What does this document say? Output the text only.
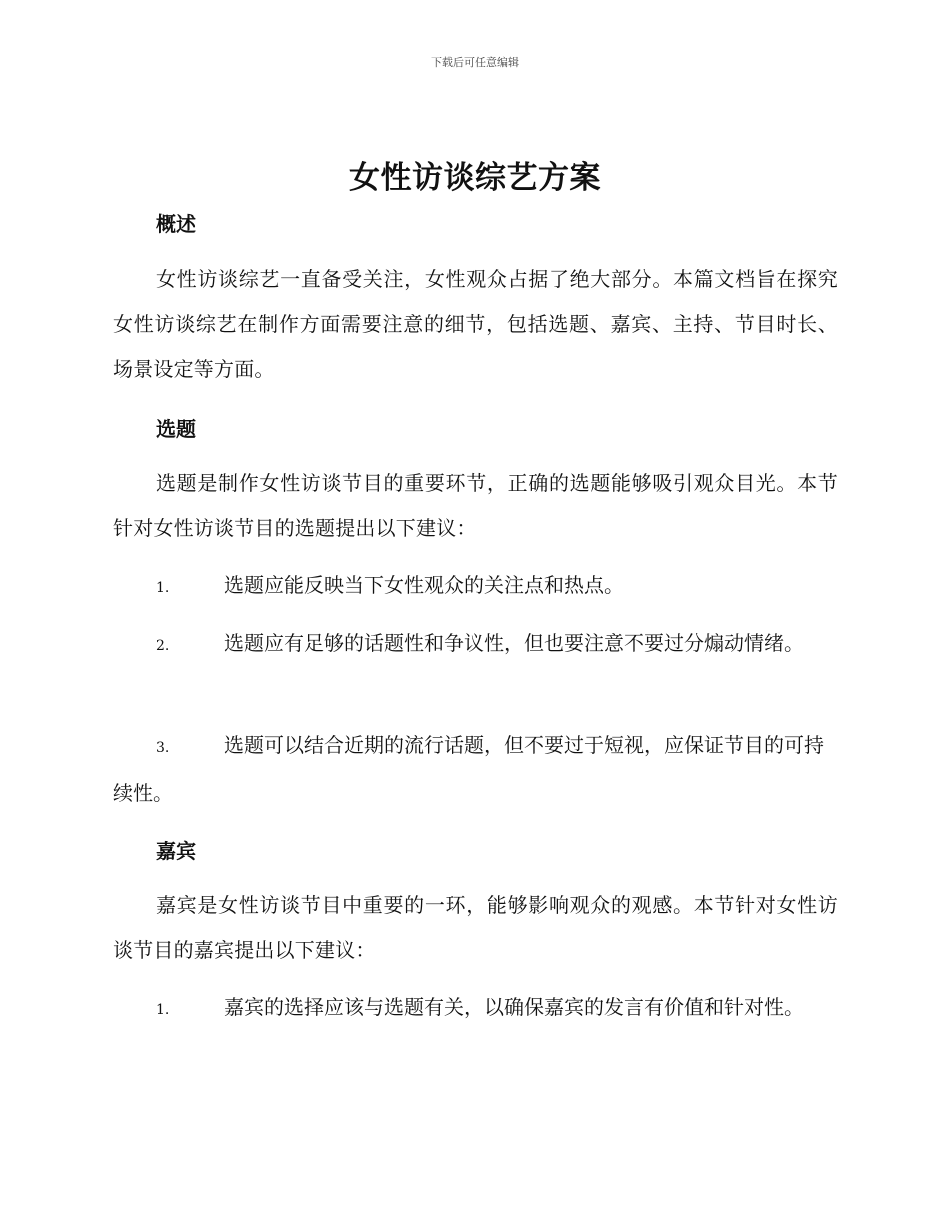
下载后可任意编辑
女性访谈综艺方案
概述
女性访谈综艺一直备受关注，女性观众占据了绝大部分。本篇文档旨在探究女性访谈综艺在制作方面需要注意的细节，包括选题、嘉宾、主持、节目时长、场景设定等方面。
选题
选题是制作女性访谈节目的重要环节，正确的选题能够吸引观众目光。本节针对女性访谈节目的选题提出以下建议：
1.	选题应能反映当下女性观众的关注点和热点。
2.	选题应有足够的话题性和争议性，但也要注意不要过分煽动情绪。
3.	选题可以结合近期的流行话题，但不要过于短视，应保证节目的可持续性。
嘉宾
嘉宾是女性访谈节目中重要的一环，能够影响观众的观感。本节针对女性访谈节目的嘉宾提出以下建议：
1.	嘉宾的选择应该与选题有关，以确保嘉宾的发言有价值和针对性。
